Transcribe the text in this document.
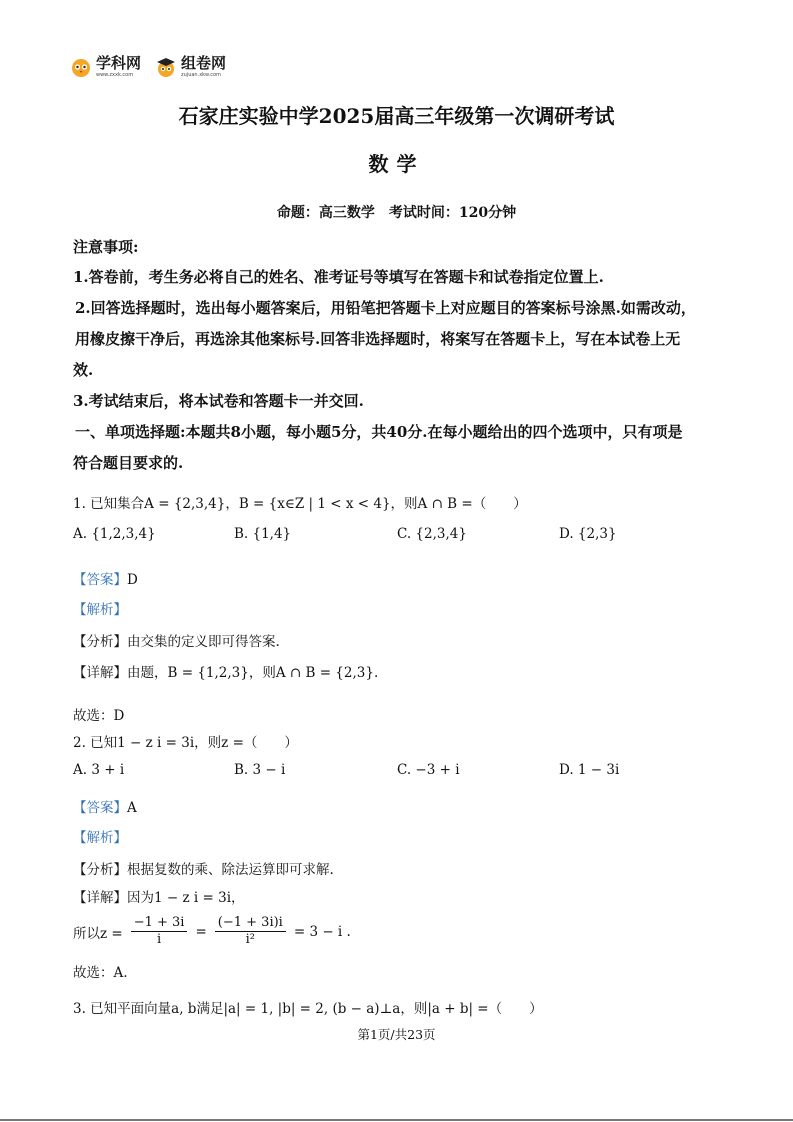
学科网
www.zxxk.com
组卷网
zujuan.xkw.com
石家庄实验中学2025届高三年级第一次调研考试
数学
命题：高三数学　考试时间：120分钟
注意事项:
1.答卷前，考生务必将自己的姓名、准考证号等填写在答题卡和试卷指定位置上.
2.回答选择题时，选出每小题答案后，用铅笔把答题卡上对应题目的答案标号涂黑.如需改动，
用橡皮擦干净后，再选涂其他案标号.回答非选择题时，将案写在答题卡上，写在本试卷上无
效.
3.考试结束后，将本试卷和答题卡一并交回.
一、单项选择题:本题共8小题，每小题5分，共40分.在每小题给出的四个选项中，只有项是
符合题目要求的.
1. 已知集合A = {2,3,4}，B = {x∈Z | 1 < x < 4}，则A ∩ B =（　　）
A. {1,2,3,4}	B. {1,4}	C. {2,3,4}	D. {2,3}
【答案】D
【解析】
【分析】由交集的定义即可得答案.
【详解】由题，B = {1,2,3}，则A ∩ B = {2,3}.
故选：D
2. 已知1 − z i = 3i，则z =（　　）
A. 3 + i	B. 3 − i	C. −3 + i	D. 1 − 3i
【答案】A
【解析】
【分析】根据复数的乘、除法运算即可求解.
【详解】因为1 − z i = 3i，
所以$z = \frac{-1 + 3i}{i} = \frac{(-1 + 3i)i}{\text{i²}} = 3 - i$ .
故选：A.
3. 已知平面向量a, b满足|a| = 1, |b| = 2, (b − a)⊥a，则|a + b| =（　　）
第1页/共23页
